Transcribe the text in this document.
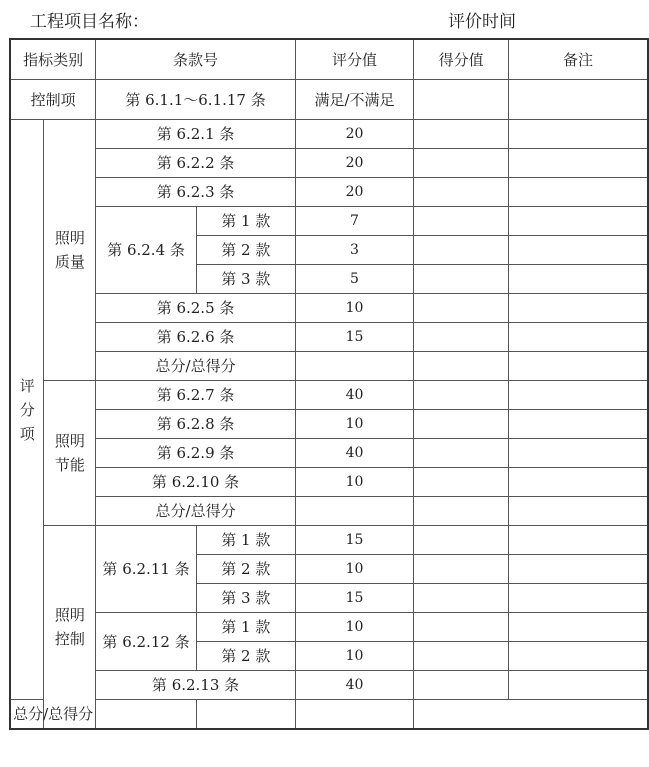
工程项目名称：	评价时间
指标类别		条款号		评分值	得分值	备注
控制项		第 6.1.1～6.1.17 条		满足/不满足		
评分项	照明质量	第 6.2.1 条		20		
		第 6.2.2 条		20		
		第 6.2.3 条		20		
		第 6.2.4 条	第 1 款	7		
			第 2 款	3		
			第 3 款	5		
		第 6.2.5 条		10		
		第 6.2.6 条		15		
		总分/总得分				
	照明节能	第 6.2.7 条		40		
		第 6.2.8 条		10		
		第 6.2.9 条		40		
		第 6.2.10 条		10		
		总分/总得分				
	照明控制	第 6.2.11 条	第 1 款	15		
			第 2 款	10		
			第 3 款	15		
		第 6.2.12 条	第 1 款	10		
			第 2 款	10		
		第 6.2.13 条		40		
总分/总得分						
